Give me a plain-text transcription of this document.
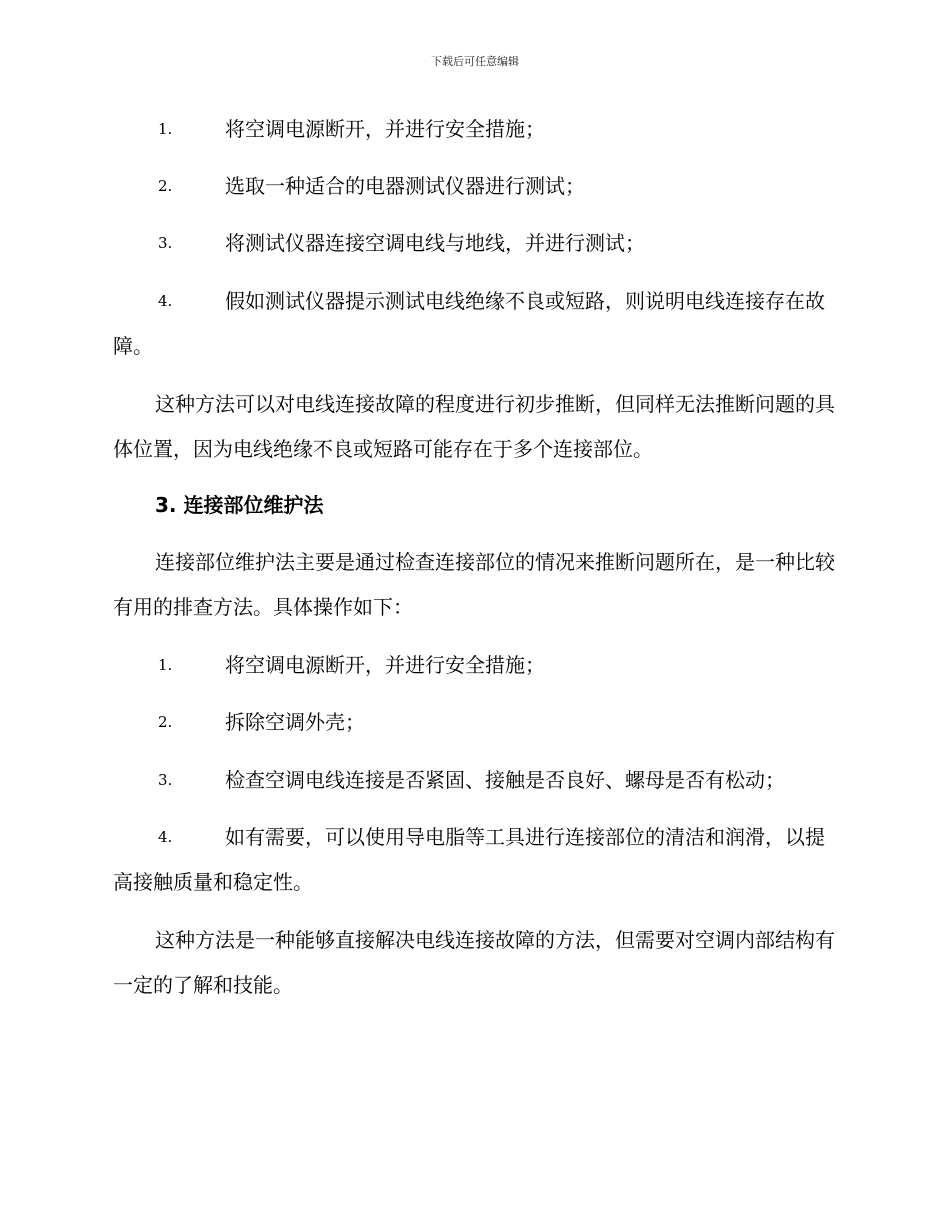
下载后可任意编辑
1.	将空调电源断开，并进行安全措施；
2.	选取一种适合的电器测试仪器进行测试；
3.	将测试仪器连接空调电线与地线，并进行测试；
4.	假如测试仪器提示测试电线绝缘不良或短路，则说明电线连接存在故障。

这种方法可以对电线连接故障的程度进行初步推断，但同样无法推断问题的具体位置，因为电线绝缘不良或短路可能存在于多个连接部位。

3. 连接部位维护法

连接部位维护法主要是通过检查连接部位的情况来推断问题所在，是一种比较有用的排查方法。具体操作如下：

1.	将空调电源断开，并进行安全措施；
2.	拆除空调外壳；
3.	检查空调电线连接是否紧固、接触是否良好、螺母是否有松动；
4.	如有需要，可以使用导电脂等工具进行连接部位的清洁和润滑，以提高接触质量和稳定性。

这种方法是一种能够直接解决电线连接故障的方法，但需要对空调内部结构有一定的了解和技能。
